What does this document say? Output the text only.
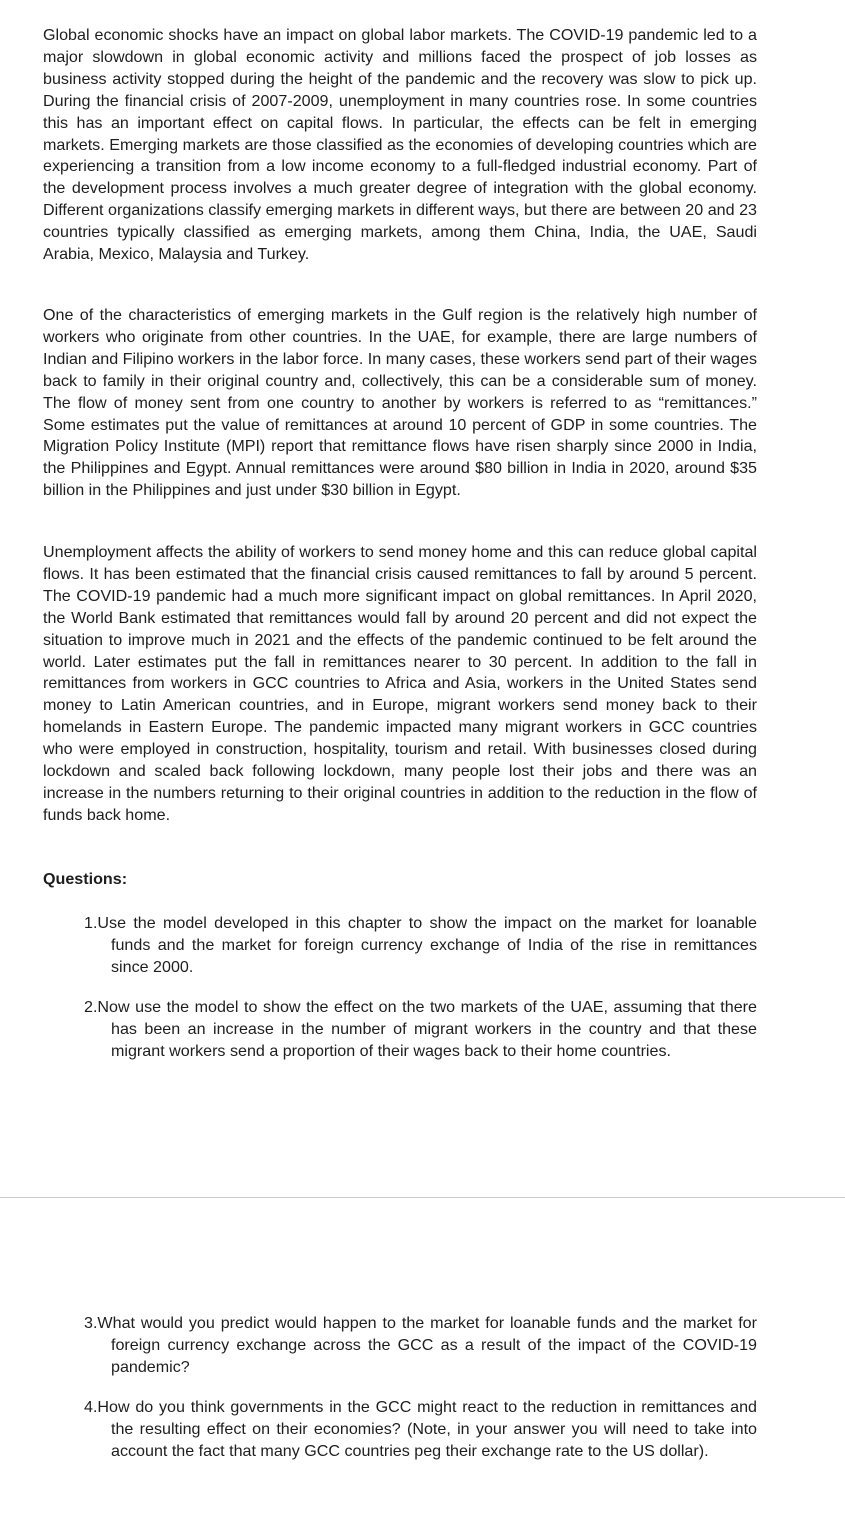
Global economic shocks have an impact on global labor markets. The COVID-19 pandemic led to a major slowdown in global economic activity and millions faced the prospect of job losses as business activity stopped during the height of the pandemic and the recovery was slow to pick up. During the financial crisis of 2007-2009, unemployment in many countries rose. In some countries this has an important effect on capital flows. In particular, the effects can be felt in emerging markets. Emerging markets are those classified as the economies of developing countries which are experiencing a transition from a low income economy to a full-fledged industrial economy. Part of the development process involves a much greater degree of integration with the global economy. Different organizations classify emerging markets in different ways, but there are between 20 and 23 countries typically classified as emerging markets, among them China, India, the UAE, Saudi Arabia, Mexico, Malaysia and Turkey.

One of the characteristics of emerging markets in the Gulf region is the relatively high number of workers who originate from other countries. In the UAE, for example, there are large numbers of Indian and Filipino workers in the labor force. In many cases, these workers send part of their wages back to family in their original country and, collectively, this can be a considerable sum of money. The flow of money sent from one country to another by workers is referred to as “remittances.” Some estimates put the value of remittances at around 10 percent of GDP in some countries. The Migration Policy Institute (MPI) report that remittance flows have risen sharply since 2000 in India, the Philippines and Egypt. Annual remittances were around $80 billion in India in 2020, around $35 billion in the Philippines and just under $30 billion in Egypt.

Unemployment affects the ability of workers to send money home and this can reduce global capital flows. It has been estimated that the financial crisis caused remittances to fall by around 5 percent. The COVID-19 pandemic had a much more significant impact on global remittances. In April 2020, the World Bank estimated that remittances would fall by around 20 percent and did not expect the situation to improve much in 2021 and the effects of the pandemic continued to be felt around the world. Later estimates put the fall in remittances nearer to 30 percent. In addition to the fall in remittances from workers in GCC countries to Africa and Asia, workers in the United States send money to Latin American countries, and in Europe, migrant workers send money back to their homelands in Eastern Europe. The pandemic impacted many migrant workers in GCC countries who were employed in construction, hospitality, tourism and retail. With businesses closed during lockdown and scaled back following lockdown, many people lost their jobs and there was an increase in the numbers returning to their original countries in addition to the reduction in the flow of funds back home.

Questions:

1.Use the model developed in this chapter to show the impact on the market for loanable funds and the market for foreign currency exchange of India of the rise in remittances since 2000.

2.Now use the model to show the effect on the two markets of the UAE, assuming that there has been an increase in the number of migrant workers in the country and that these migrant workers send a proportion of their wages back to their home countries.

3.What would you predict would happen to the market for loanable funds and the market for foreign currency exchange across the GCC as a result of the impact of the COVID-19 pandemic?

4.How do you think governments in the GCC might react to the reduction in remittances and the resulting effect on their economies? (Note, in your answer you will need to take into account the fact that many GCC countries peg their exchange rate to the US dollar).
